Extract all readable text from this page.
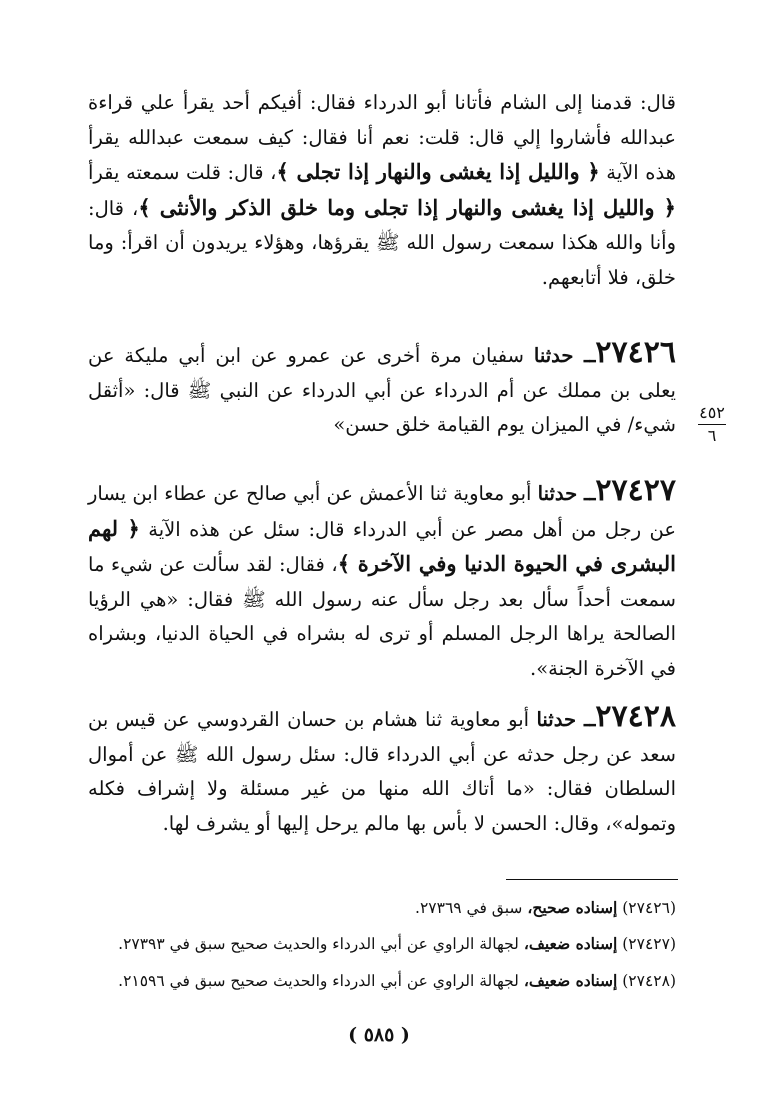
قال: قدمنا إلى الشام فأتانا أبو الدرداء فقال: أفيكم أحد يقرأ علي قراءة عبدالله فأشاروا إلي قال: قلت: نعم أنا فقال: كيف سمعت عبدالله يقرأ هذه الآية ﴿ والليل إذا يغشى والنهار إذا تجلى ﴾، قال: قلت سمعته يقرأ ﴿ والليل إذا يغشى والنهار إذا تجلى وما خلق الذكر والأنثى ﴾، قال: وأنا والله هكذا سمعت رسول الله ﷺ يقرؤها، وهؤلاء يريدون أن اقرأ: وما خلق، فلا أتابعهم.
٢٧٤٢٦ــ حدثنا سفيان مرة أخرى عن عمرو عن ابن أبي مليكة عن يعلى بن مملك عن أم الدرداء عن أبي الدرداء عن النبي ﷺ قال: «أثقل شيء/ في الميزان يوم القيامة خلق حسن»
٤٥٢
٦
٢٧٤٢٧ــ حدثنا أبو معاوية ثنا الأعمش عن أبي صالح عن عطاء ابن يسار عن رجل من أهل مصر عن أبي الدرداء قال: سئل عن هذه الآية ﴿ لهم البشرى في الحيوة الدنيا وفي الآخرة ﴾، فقال: لقد سألت عن شيء ما سمعت أحداً سأل بعد رجل سأل عنه رسول الله ﷺ فقال: «هي الرؤيا الصالحة يراها الرجل المسلم أو ترى له بشراه في الحياة الدنيا، وبشراه في الآخرة الجنة».
٢٧٤٢٨ــ حدثنا أبو معاوية ثنا هشام بن حسان القردوسي عن قيس بن سعد عن رجل حدثه عن أبي الدرداء قال: سئل رسول الله ﷺ عن أموال السلطان فقال: «ما أتاك الله منها من غير مسئلة ولا إشراف فكله وتموله»، وقال: الحسن لا بأس بها مالم يرحل إليها أو يشرف لها.
(٢٧٤٢٦) إسناده صحيح، سبق في ٢٧٣٦٩.
(٢٧٤٢٧) إسناده ضعيف، لجهالة الراوي عن أبي الدرداء والحديث صحيح سبق في ٢٧٣٩٣.
(٢٧٤٢٨) إسناده ضعيف، لجهالة الراوي عن أبي الدرداء والحديث صحيح سبق في ٢١٥٩٦.
( ٥٨٥ )
